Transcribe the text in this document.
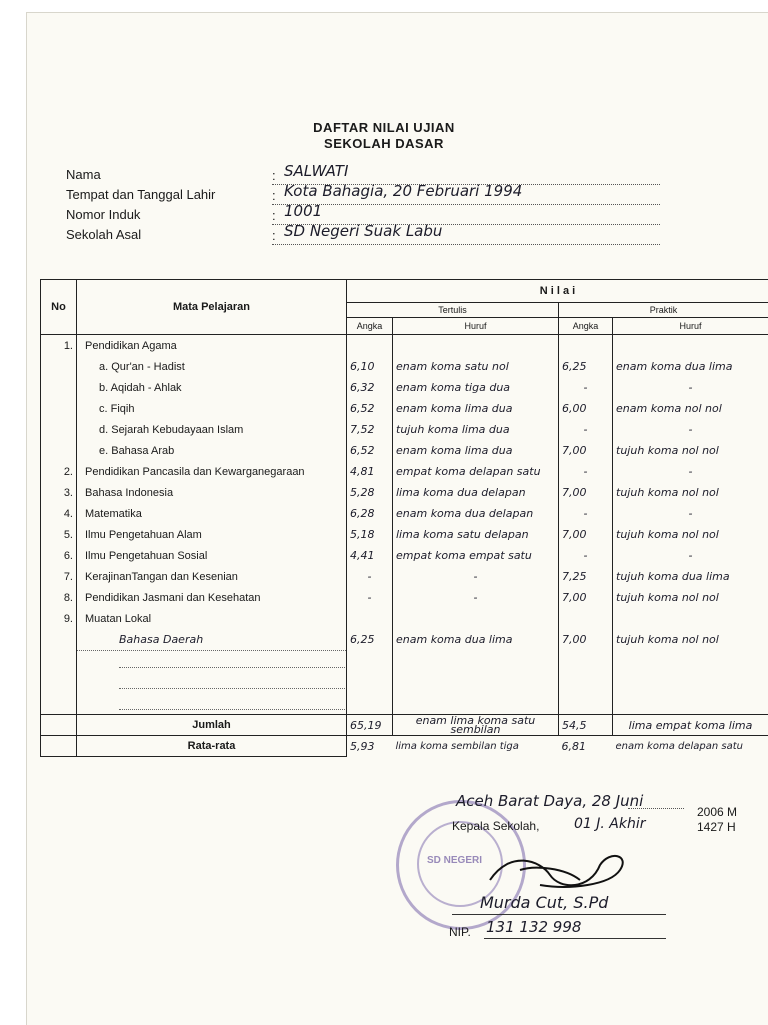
DAFTAR NILAI UJIAN
SEKOLAH DASAR
Nama	: SALWATI
Tempat dan Tanggal Lahir	: Kota Bahagia, 20 Februari 1994
Nomor Induk	: 1001
Sekolah Asal	: SD Negeri Suak Labu
No	Mata Pelajaran	N i l a i			
		Tertulis		Praktik	
		Angka	Huruf	Angka	Huruf
1.	Pendidikan Agama				
	a. Qur'an - Hadist	6,10	enam koma satu nol	6,25	enam koma dua lima
	b. Aqidah - Ahlak	6,32	enam koma tiga dua	-	-
	c. Fiqih	6,52	enam koma lima dua	6,00	enam koma nol nol
	d. Sejarah Kebudayaan Islam	7,52	tujuh koma lima dua	-	-
	e. Bahasa Arab	6,52	enam koma lima dua	7,00	tujuh koma nol nol
2.	Pendidikan Pancasila dan Kewarganegaraan	4,81	empat koma delapan satu	-	-
3.	Bahasa Indonesia	5,28	lima koma dua delapan	7,00	tujuh koma nol nol
4.	Matematika	6,28	enam koma dua delapan	-	-
5.	Ilmu Pengetahuan Alam	5,18	lima koma satu delapan	7,00	tujuh koma nol nol
6.	Ilmu Pengetahuan Sosial	4,41	empat koma empat satu	-	-
7.	KerajinanTangan dan Kesenian	-	-	7,25	tujuh koma dua lima
8.	Pendidikan Jasmani dan Kesehatan	-	-	7,00	tujuh koma nol nol
9.	Muatan Lokal				
	Bahasa Daerah	6,25	enam koma dua lima	7,00	tujuh koma nol nol

	Jumlah	65,19	enam lima koma satu sembilan	54,5	lima empat koma lima
	Rata-rata	5,93	lima koma sembilan tiga	6,81	enam koma delapan satu
SD NEGERI
Aceh Barat Daya, 28 Juni
2006 M
Kepala Sekolah, 01 J. Akhir	1427 H
Murda Cut, S.Pd
NIP. 131 132 998
